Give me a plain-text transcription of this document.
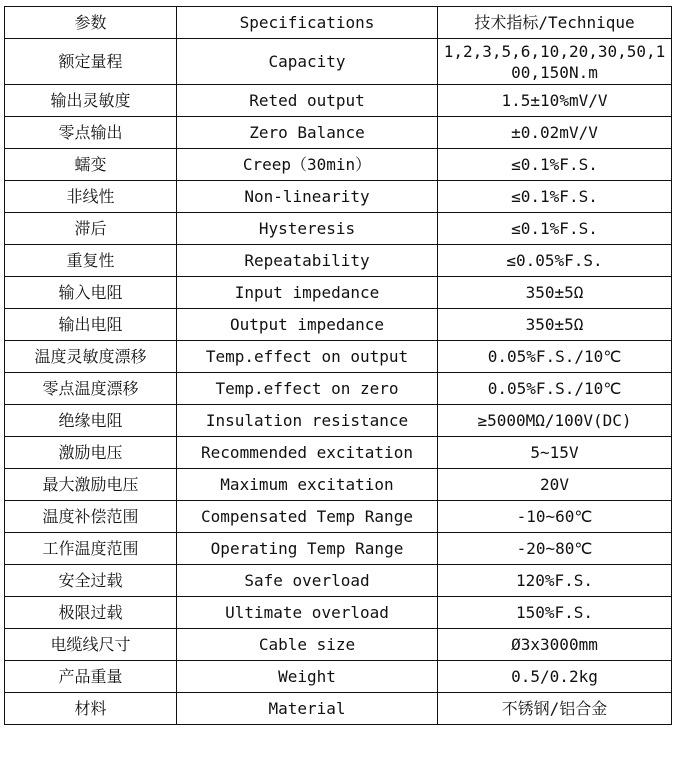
参数	Specifications	技术指标/Technique
额定量程	Capacity	1,2,3,5,6,10,20,30,50,100,150N.m
输出灵敏度	Reted output	1.5±10%mV/V
零点输出	Zero Balance	±0.02mV/V
蠕变	Creep（30min）	≤0.1%F.S.
非线性	Non-linearity	≤0.1%F.S.
滞后	Hysteresis	≤0.1%F.S.
重复性	Repeatability	≤0.05%F.S.
输入电阻	Input impedance	350±5Ω
输出电阻	Output impedance	350±5Ω
温度灵敏度漂移	Temp.effect on output	0.05%F.S./10℃
零点温度漂移	Temp.effect on zero	0.05%F.S./10℃
绝缘电阻	Insulation resistance	≥5000MΩ/100V(DC)
激励电压	Recommended excitation	5~15V
最大激励电压	Maximum excitation	20V
温度补偿范围	Compensated Temp Range	-10~60℃
工作温度范围	Operating Temp Range	-20~80℃
安全过载	Safe overload	120%F.S.
极限过载	Ultimate overload	150%F.S.
电缆线尺寸	Cable size	Ø3x3000mm
产品重量	Weight	0.5/0.2kg
材料	Material	不锈钢/铝合金
